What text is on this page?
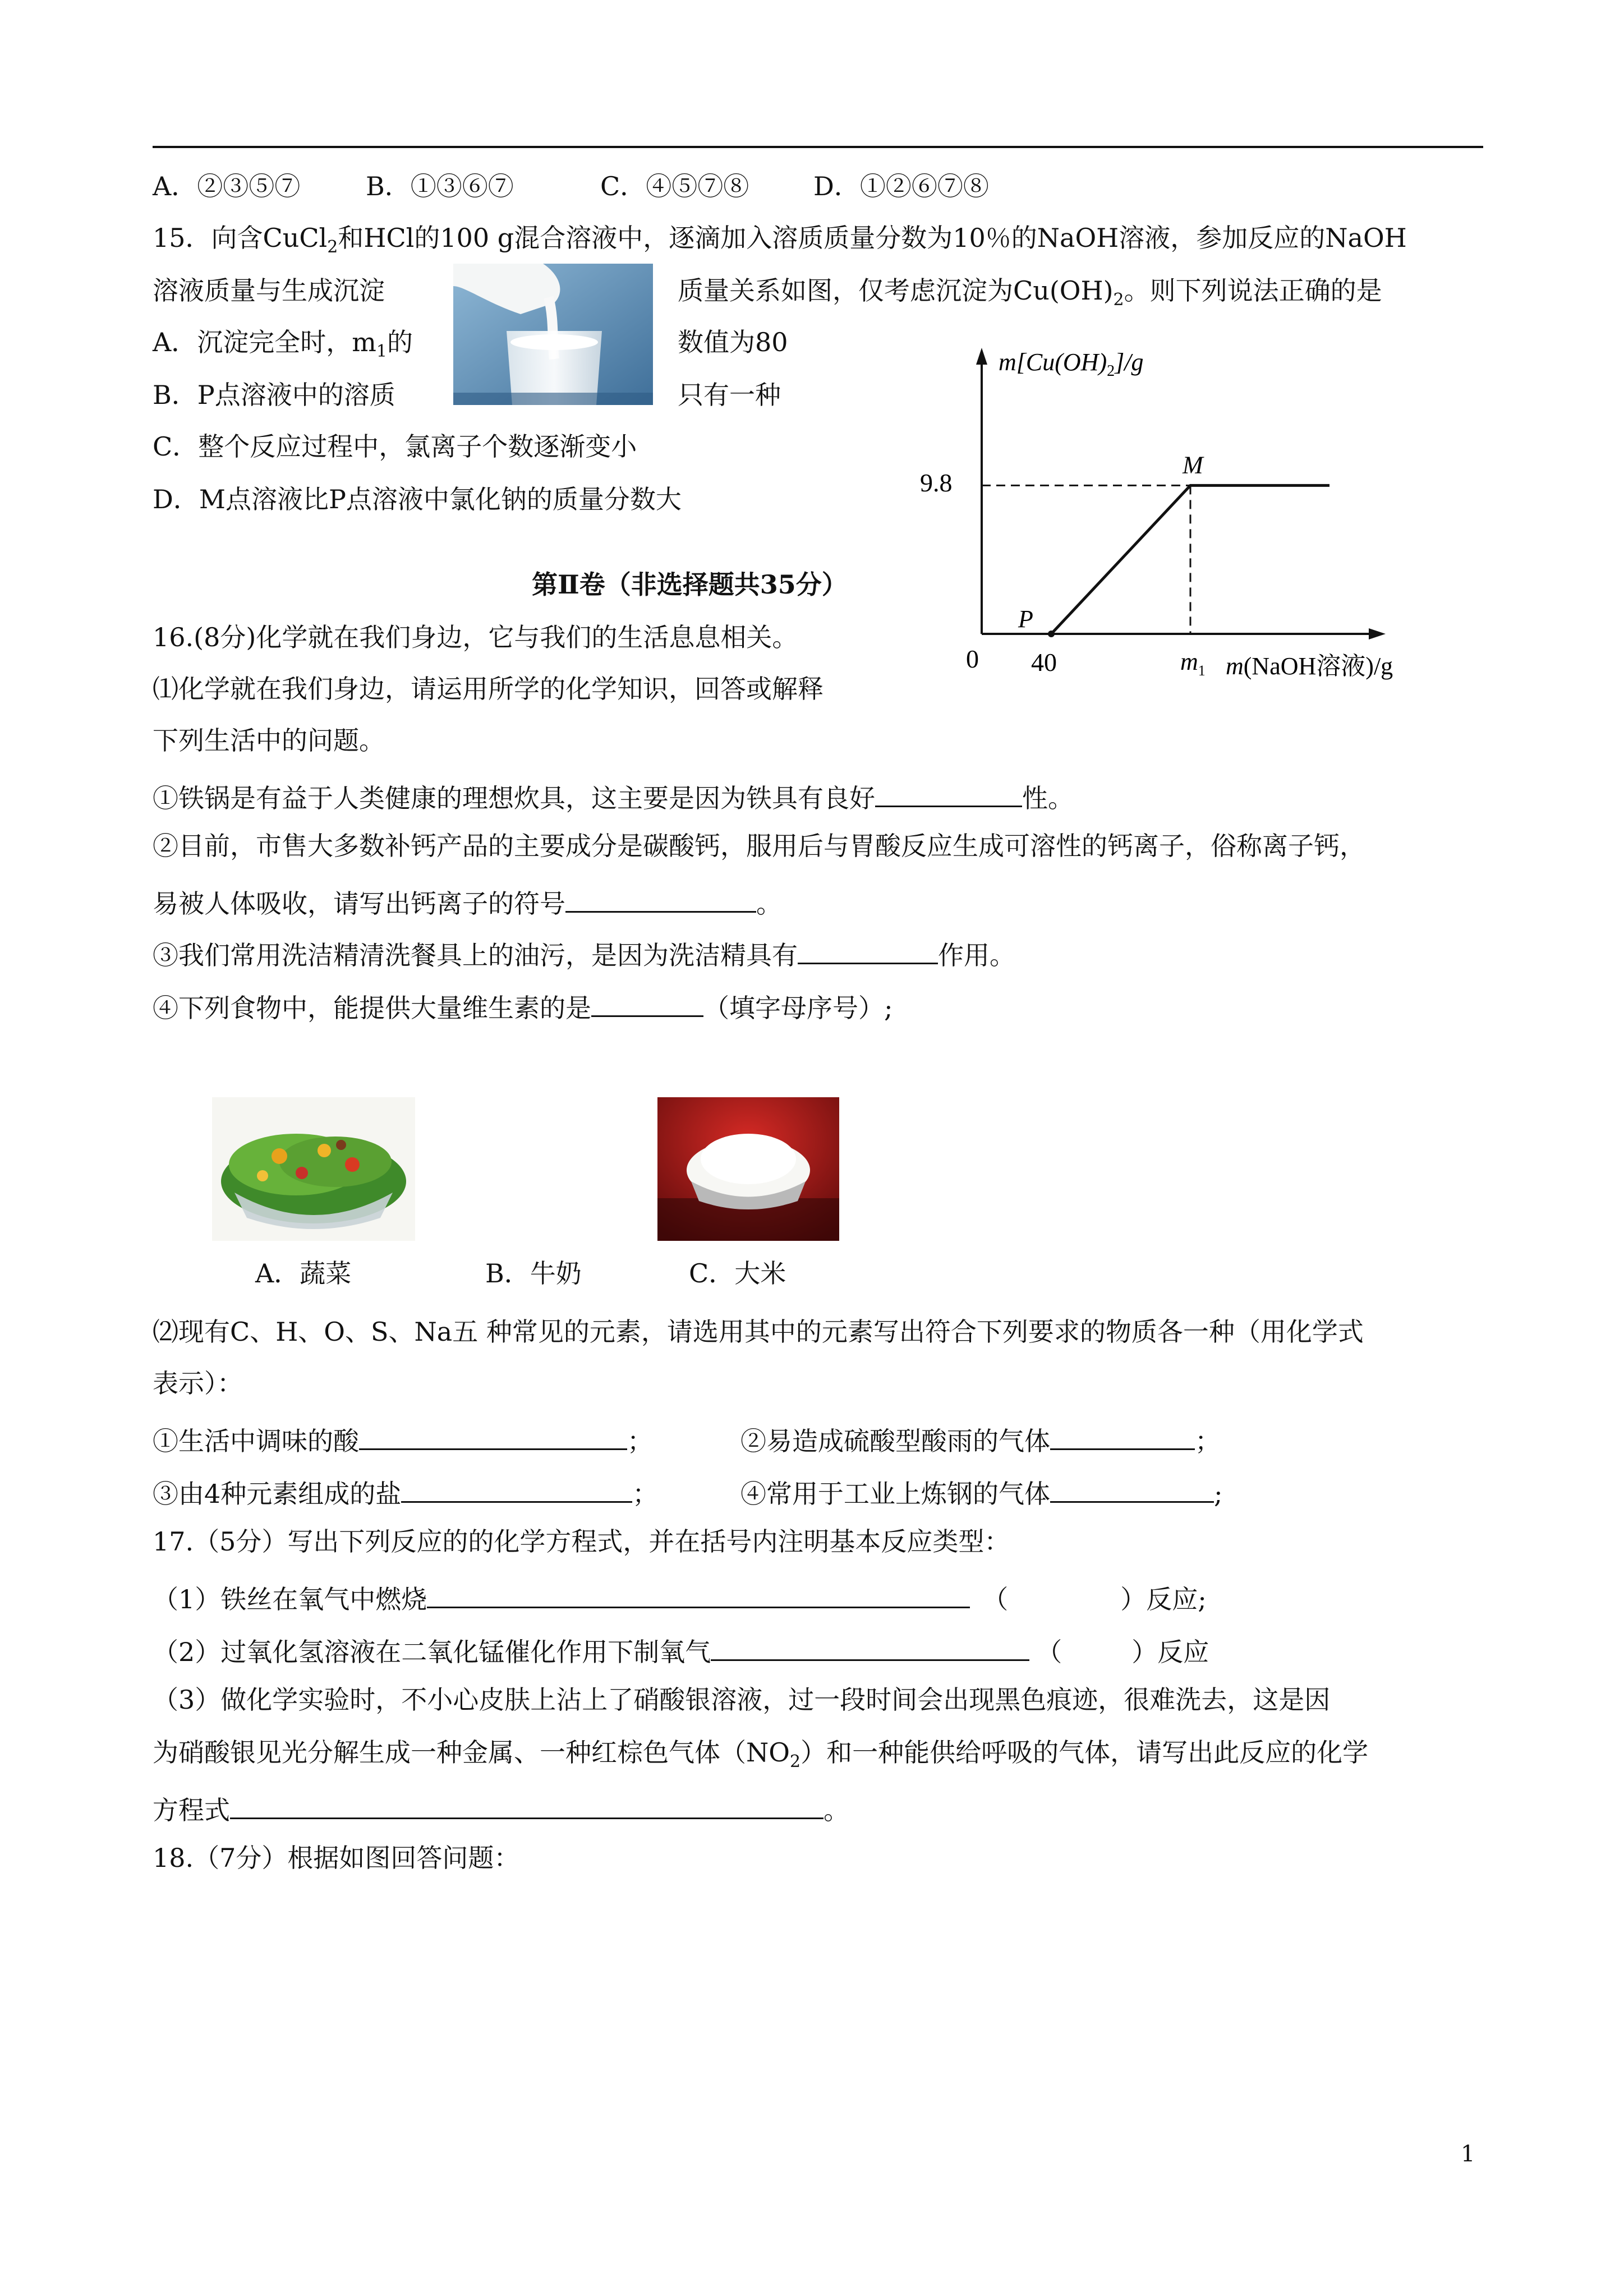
A．②③⑤⑦	B．①③⑥⑦	C．④⑤⑦⑧ D．①②⑥⑦⑧
15．向含CuCl$_2$和HCl的100 g混合溶液中，逐滴加入溶质质量分数为10％的NaOH溶液，参加反应的NaOH
溶液质量与生成沉淀	质量关系如图，仅考虑沉淀为$Cu(OH)_2$。则下列说法正确的是
A．沉淀完全时，$m_1$的	数值为80
B．P点溶液中的溶质	只有一种
C．整个反应过程中，氯离子个数逐渐变小
D．M点溶液比P点溶液中氯化钠的质量分数大
$m[Cu(OH)_2]/g$
9.8
0 40	$m_1$ m(NaOH溶液)/g
P
M
第Ⅱ卷（非选择题共35分）
16.(8分)化学就在我们身边，它与我们的生活息息相关。
⑴化学就在我们身边，请运用所学的化学知识，回答或解释
下列生活中的问题。
①铁锅是有益于人类健康的理想炊具，这主要是因为铁具有良好	性。
②目前，市售大多数补钙产品的主要成分是碳酸钙，服用后与胃酸反应生成可溶性的钙离子，俗称离子钙，
易被人体吸收，请写出钙离子的符号	。
③我们常用洗洁精清洗餐具上的油污，是因为洗洁精具有	作用。
④下列食物中，能提供大量维生素的是	（填字母序号）;
A．蔬菜	B．牛奶	C．大米
⑵现有C、H、O、S、Na五 种常见的元素，请选用其中的元素写出符合下列要求的物质各一种（用化学式
表示）：
①生活中调味的酸	；	②易造成硫酸型酸雨的气体	；
③由4种元素组成的盐	；	④常用于工业上炼钢的气体	;
17.（5分）写出下列反应的的化学方程式，并在括号内注明基本反应类型：
（1）铁丝在氧气中燃烧	（	）反应;
（2）过氧化氢溶液在二氧化锰催化作用下制氧气	（	）反应
（3）做化学实验时，不小心皮肤上沾上了硝酸银溶液，过一段时间会出现黑色痕迹，很难洗去，这是因
为硝酸银见光分解生成一种金属、一种红棕色气体$(NO_2)$和一种能供给呼吸的气体，请写出此反应的化学
方程式	。
18.（7分）根据如图回答问题：
1
